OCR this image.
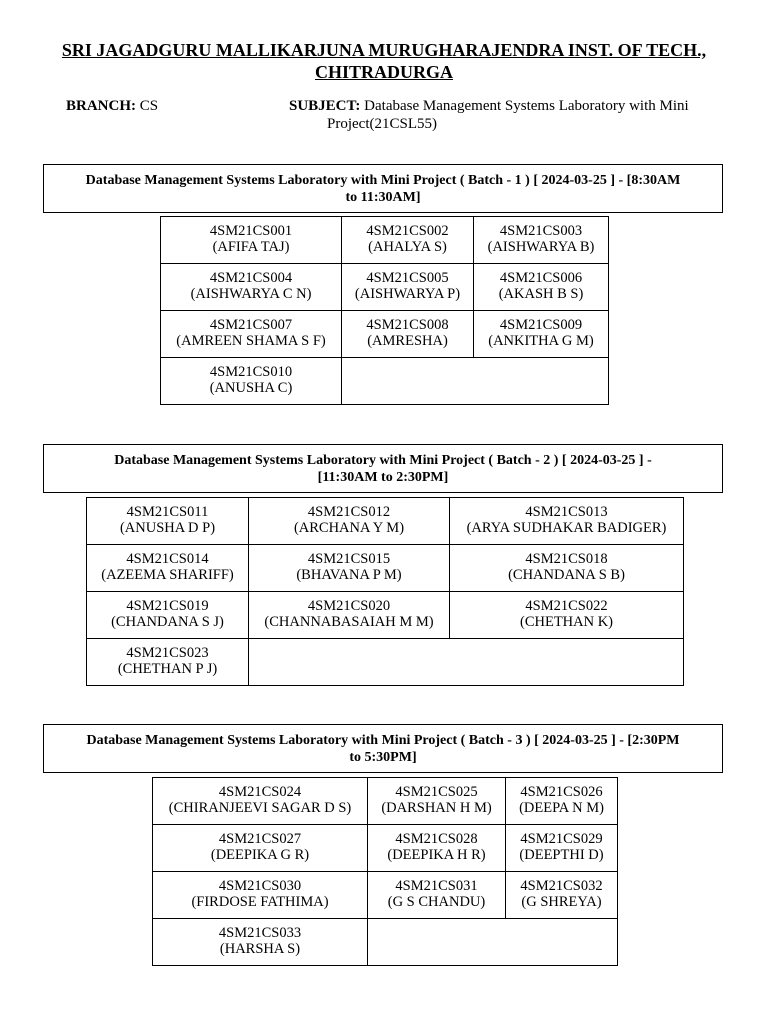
SRI JAGADGURU MALLIKARJUNA MURUGHARAJENDRA INST. OF TECH.,
CHITRADURGA
BRANCH: CS	SUBJECT: Database Management Systems Laboratory with Mini
Project(21CSL55)
Database Management Systems Laboratory with Mini Project ( Batch - 1 ) [ 2024-03-25 ] - [8:30AM
to 11:30AM]
4SM21CS001
(AFIFA TAJ)	4SM21CS002
(AHALYA S)	4SM21CS003
(AISHWARYA B)

4SM21CS004
(AISHWARYA C N)	4SM21CS005
(AISHWARYA P)	4SM21CS006
(AKASH B S)

4SM21CS007
(AMREEN SHAMA S F)	4SM21CS008
(AMRESHA)	4SM21CS009
(ANKITHA G M)

4SM21CS010
(ANUSHA C)		

Database Management Systems Laboratory with Mini Project ( Batch - 2 ) [ 2024-03-25 ] -
[11:30AM to 2:30PM]
4SM21CS011
(ANUSHA D P)	4SM21CS012
(ARCHANA Y M)	4SM21CS013
(ARYA SUDHAKAR BADIGER)

4SM21CS014
(AZEEMA SHARIFF)	4SM21CS015
(BHAVANA P M)	4SM21CS018
(CHANDANA S B)

4SM21CS019
(CHANDANA S J)	4SM21CS020
(CHANNABASAIAH M M)	4SM21CS022
(CHETHAN K)

4SM21CS023
(CHETHAN P J)		

Database Management Systems Laboratory with Mini Project ( Batch - 3 ) [ 2024-03-25 ] - [2:30PM
to 5:30PM]
4SM21CS024
(CHIRANJEEVI SAGAR D S)	4SM21CS025
(DARSHAN H M)	4SM21CS026
(DEEPA N M)

4SM21CS027
(DEEPIKA G R)	4SM21CS028
(DEEPIKA H R)	4SM21CS029
(DEEPTHI D)

4SM21CS030
(FIRDOSE FATHIMA)	4SM21CS031
(G S CHANDU)	4SM21CS032
(G SHREYA)

4SM21CS033
(HARSHA S)		
